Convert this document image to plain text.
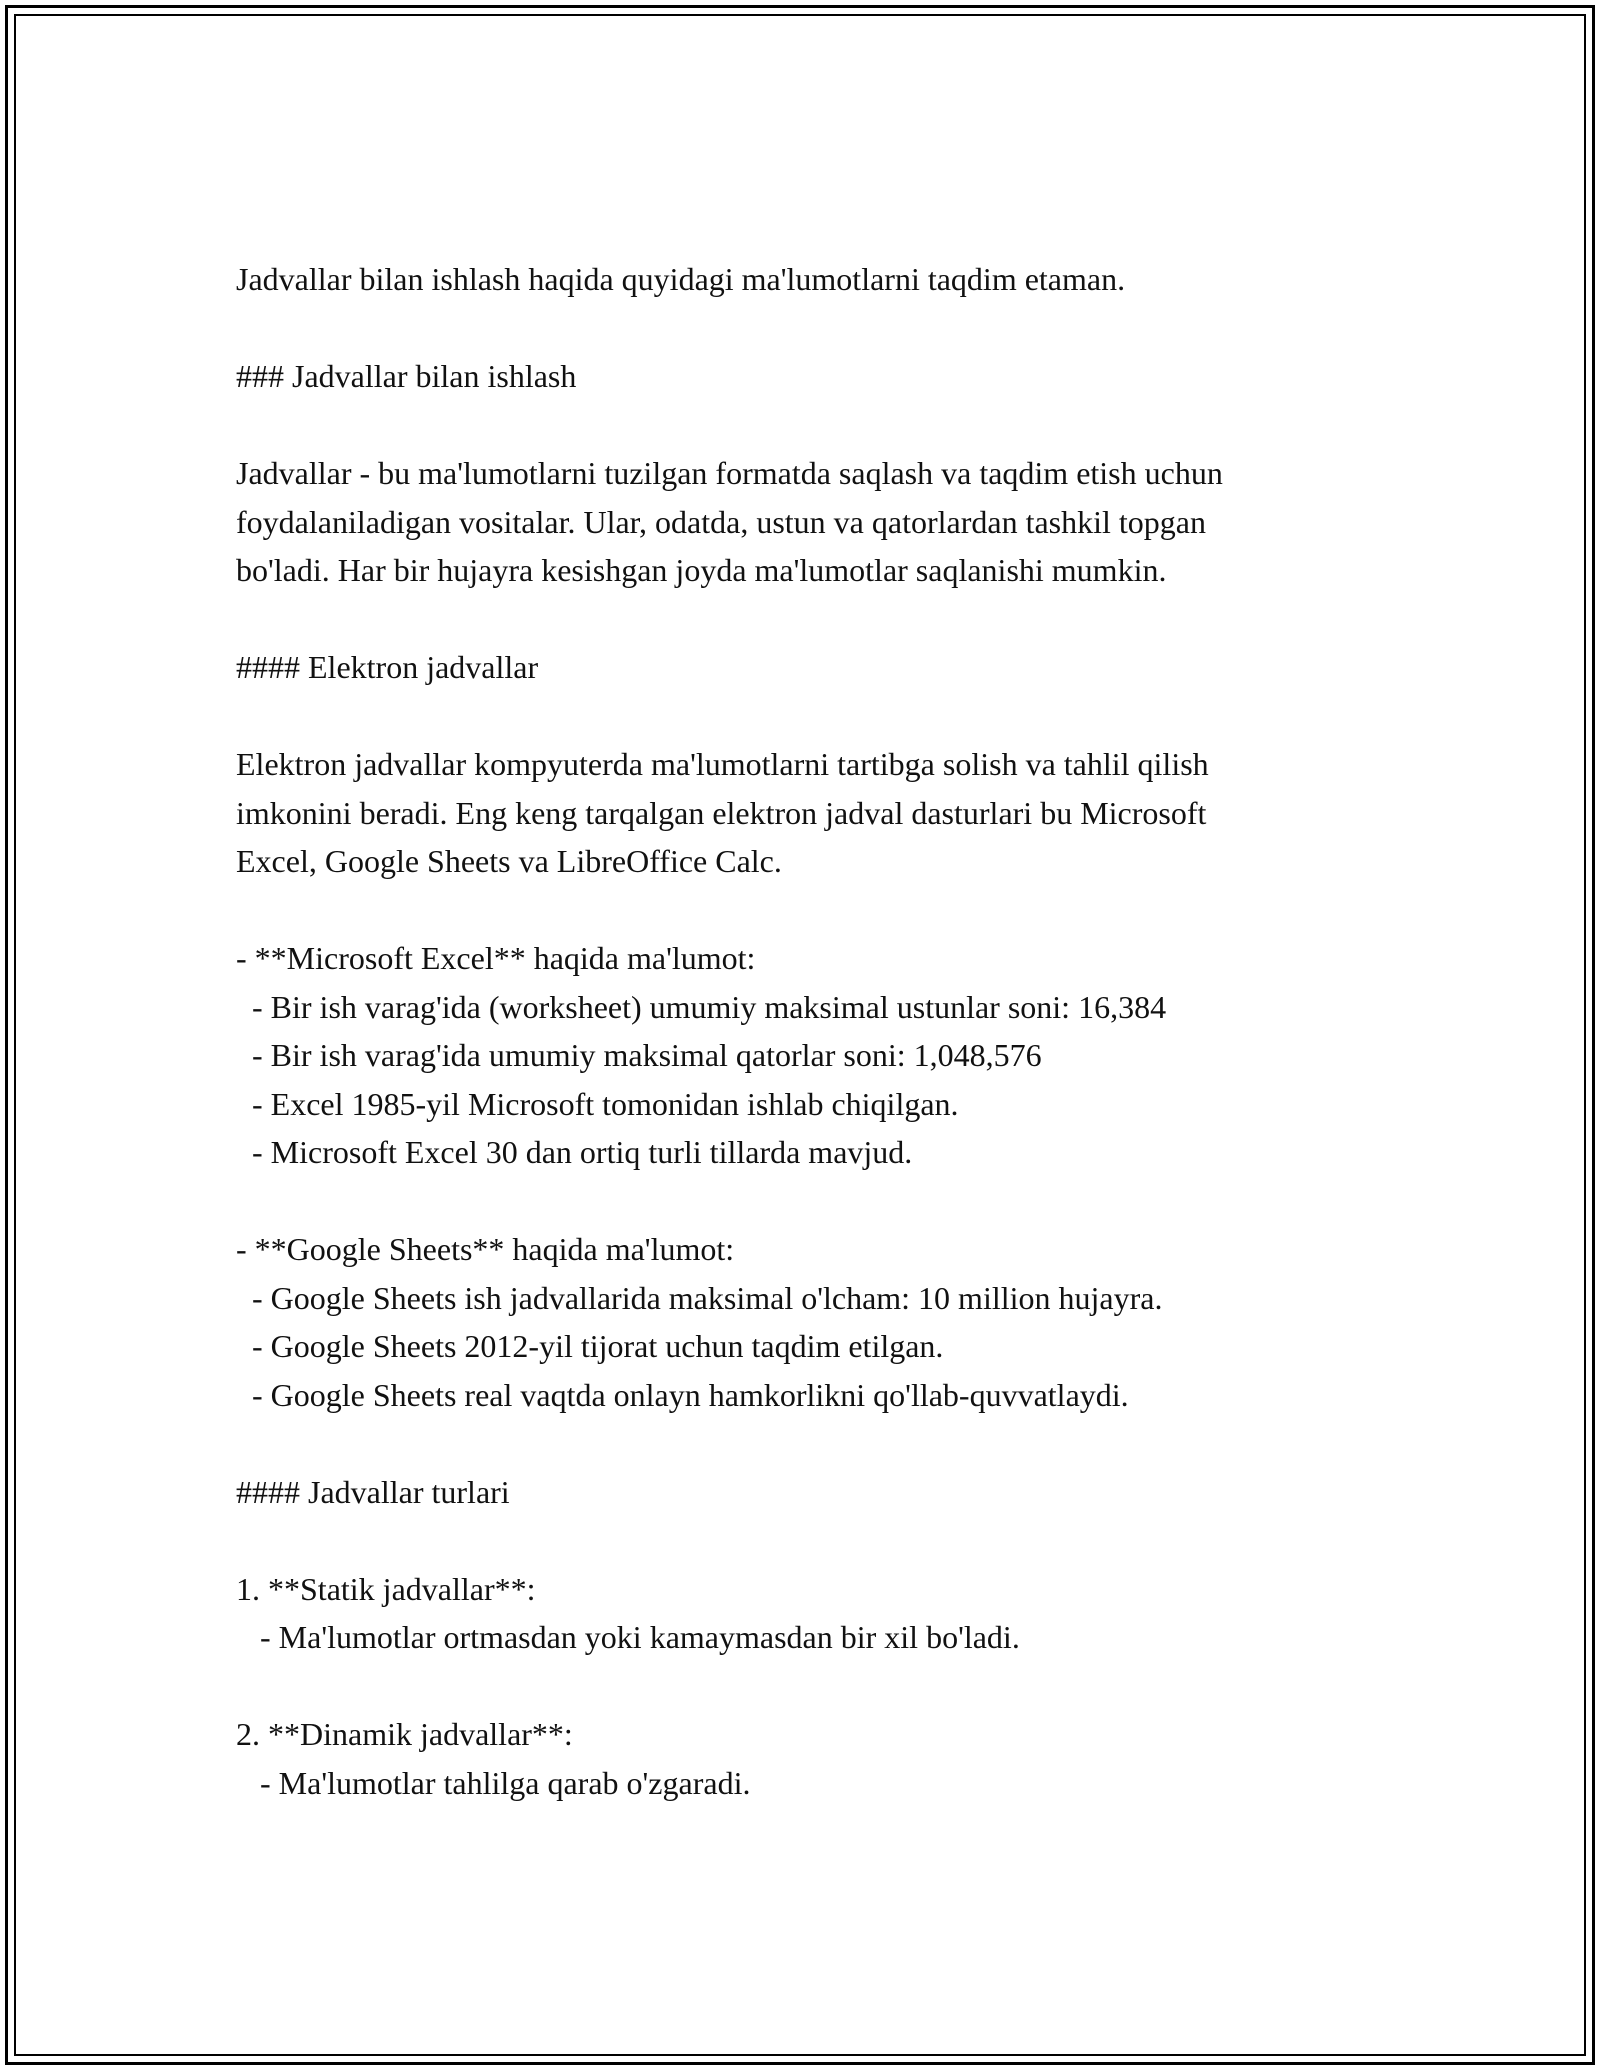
Jadvallar bilan ishlash haqida quyidagi ma'lumotlarni taqdim etaman.
### Jadvallar bilan ishlash
Jadvallar - bu ma'lumotlarni tuzilgan formatda saqlash va taqdim etish uchun
foydalaniladigan vositalar. Ular, odatda, ustun va qatorlardan tashkil topgan
bo'ladi. Har bir hujayra kesishgan joyda ma'lumotlar saqlanishi mumkin.
#### Elektron jadvallar
Elektron jadvallar kompyuterda ma'lumotlarni tartibga solish va tahlil qilish
imkonini beradi. Eng keng tarqalgan elektron jadval dasturlari bu Microsoft
Excel, Google Sheets va LibreOffice Calc.
- **Microsoft Excel** haqida ma'lumot:
- Bir ish varag'ida (worksheet) umumiy maksimal ustunlar soni: 16,384
- Bir ish varag'ida umumiy maksimal qatorlar soni: 1,048,576
- Excel 1985-yil Microsoft tomonidan ishlab chiqilgan.
- Microsoft Excel 30 dan ortiq turli tillarda mavjud.
- **Google Sheets** haqida ma'lumot:
- Google Sheets ish jadvallarida maksimal o'lcham: 10 million hujayra.
- Google Sheets 2012-yil tijorat uchun taqdim etilgan.
- Google Sheets real vaqtda onlayn hamkorlikni qo'llab-quvvatlaydi.
#### Jadvallar turlari
1. **Statik jadvallar**:
- Ma'lumotlar ortmasdan yoki kamaymasdan bir xil bo'ladi.
2. **Dinamik jadvallar**:
- Ma'lumotlar tahlilga qarab o'zgaradi.
